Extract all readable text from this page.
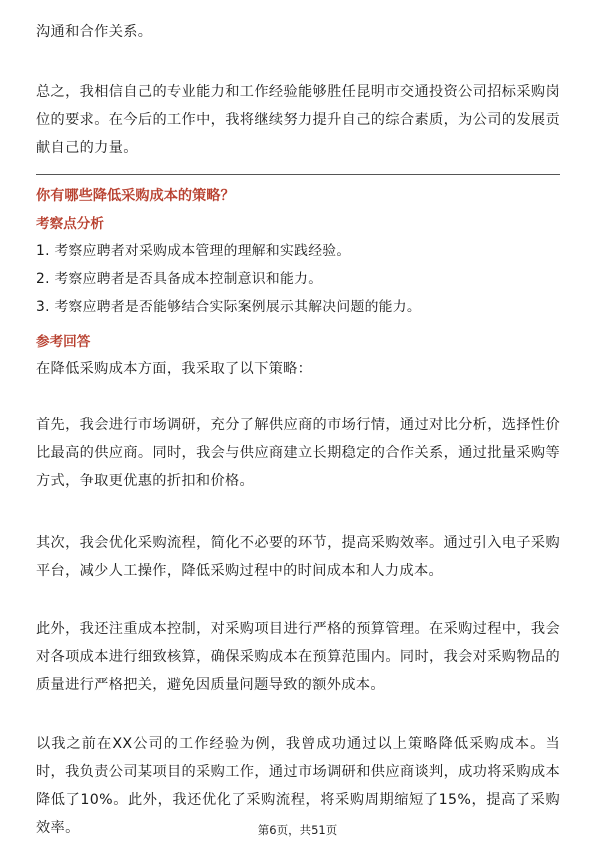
沟通和合作关系。

总之，我相信自己的专业能力和工作经验能够胜任昆明市交通投资公司招标采购岗位的要求。在今后的工作中，我将继续努力提升自己的综合素质，为公司的发展贡献自己的力量。

你有哪些降低采购成本的策略？

考察点分析

1. 考察应聘者对采购成本管理的理解和实践经验。

2. 考察应聘者是否具备成本控制意识和能力。

3. 考察应聘者是否能够结合实际案例展示其解决问题的能力。

参考回答

在降低采购成本方面，我采取了以下策略：

首先，我会进行市场调研，充分了解供应商的市场行情，通过对比分析，选择性价比最高的供应商。同时，我会与供应商建立长期稳定的合作关系，通过批量采购等方式，争取更优惠的折扣和价格。

其次，我会优化采购流程，简化不必要的环节，提高采购效率。通过引入电子采购平台，减少人工操作，降低采购过程中的时间成本和人力成本。

此外，我还注重成本控制，对采购项目进行严格的预算管理。在采购过程中，我会对各项成本进行细致核算，确保采购成本在预算范围内。同时，我会对采购物品的质量进行严格把关，避免因质量问题导致的额外成本。

以我之前在XX公司的工作经验为例，我曾成功通过以上策略降低采购成本。当时，我负责公司某项目的采购工作，通过市场调研和供应商谈判，成功将采购成本降低了10%。此外，我还优化了采购流程，将采购周期缩短了15%，提高了采购效率。	第6页，共51页
